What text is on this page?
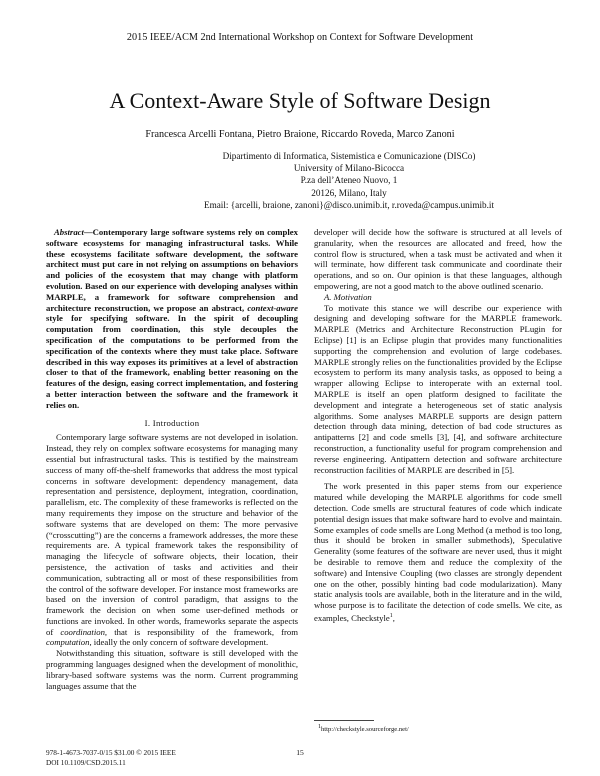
2015 IEEE/ACM 2nd International Workshop on Context for Software Development
A Context-Aware Style of Software Design
Francesca Arcelli Fontana, Pietro Braione, Riccardo Roveda, Marco Zanoni
Dipartimento di Informatica, Sistemistica e Comunicazione (DISCo)
University of Milano-Bicocca
P.za dell’Ateneo Nuovo, 1
20126, Milano, Italy
Email: {arcelli, braione, zanoni}@disco.unimib.it, r.roveda@campus.unimib.it

Abstract—Contemporary large software systems rely on complex software ecosystems for managing infrastructural tasks. While these ecosystems facilitate software development, the software architect must put care in not relying on assumptions on behaviors and policies of the ecosystem that may change with platform evolution. Based on our experience with developing analyses within MARPLE, a framework for software comprehension and architecture reconstruction, we propose an abstract, context-aware style for specifying software. In the spirit of decoupling computation from coordination, this style decouples the specification of the computations to be performed from the specification of the contexts where they must take place. Software described in this way exposes its primitives at a level of abstraction closer to that of the framework, enabling better reasoning on the features of the design, easing correct implementation, and fostering a better interaction between the software and the framework it relies on.

I. Introduction

Contemporary large software systems are not developed in isolation. Instead, they rely on complex software ecosystems for managing many essential but infrastructural tasks. This is testified by the mainstream success of many off-the-shelf frameworks that address the most typical concerns in software development: dependency management, data representation and persistence, deployment, integration, coordination, parallelism, etc. The complexity of these frameworks is reflected on the many requirements they impose on the structure and behavior of the software systems that are developed on them: The more pervasive (“crosscutting”) are the concerns a framework addresses, the more these requirements are. A typical framework takes the responsibility of managing the lifecycle of software objects, their location, their persistence, the activation of tasks and activities and their communication, subtracting all or most of these responsibilities from the control of the software developer. For instance most frameworks are based on the inversion of control paradigm, that assigns to the framework the decision on when some user-defined methods or functions are invoked. In other words, frameworks separate the aspects of coordination, that is responsibility of the framework, from computation, ideally the only concern of software development.

Notwithstanding this situation, software is still developed with the programming languages designed when the development of monolithic, library-based software systems was the norm. Current programming languages assume that the

developer will decide how the software is structured at all levels of granularity, when the resources are allocated and freed, how the control flow is structured, when a task must be activated and when it will terminate, how different task communicate and coordinate their operations, and so on. Our opinion is that these languages, although empowering, are not a good match to the above outlined scenario.

A. Motivation

To motivate this stance we will describe our experience with designing and developing software for the MARPLE framework. MARPLE (Metrics and Architecture Reconstruction PLugin for Eclipse) [1] is an Eclipse plugin that provides many functionalities supporting the comprehension and evolution of large codebases. MARPLE strongly relies on the functionalities provided by the Eclipse ecosystem to perform its many analysis tasks, as opposed to being a wrapper allowing Eclipse to interoperate with an external tool. MARPLE is itself an open platform designed to facilitate the development and integrate a heterogeneous set of static analysis algorithms. Some analyses MARPLE supports are design pattern detection through data mining, detection of bad code structures as antipatterns [2] and code smells [3], [4], and software architecture reconstruction, a functionality useful for program comprehension and reverse engineering. Antipattern detection and software architecture reconstruction facilities of MARPLE are described in [5].

The work presented in this paper stems from our experience matured while developing the MARPLE algorithms for code smell detection. Code smells are structural features of code which indicate potential design issues that make software hard to evolve and maintain. Some examples of code smells are Long Method (a method is too long, thus it should be broken in smaller submethods), Speculative Generality (some features of the software are never used, thus it might be desirable to remove them and reduce the complexity of the software) and Intensive Coupling (two classes are strongly dependent one on the other, possibly hinting bad code modularization). Many static analysis tools are available, both in the literature and in the wild, whose purpose is to facilitate the detection of code smells. We cite, as examples, Checkstyle$^1$,

1http://checkstyle.sourceforge.net/
978-1-4673-7037-0/15 $31.00 © 2015 IEEE
DOI 10.1109/CSD.2015.11
15
